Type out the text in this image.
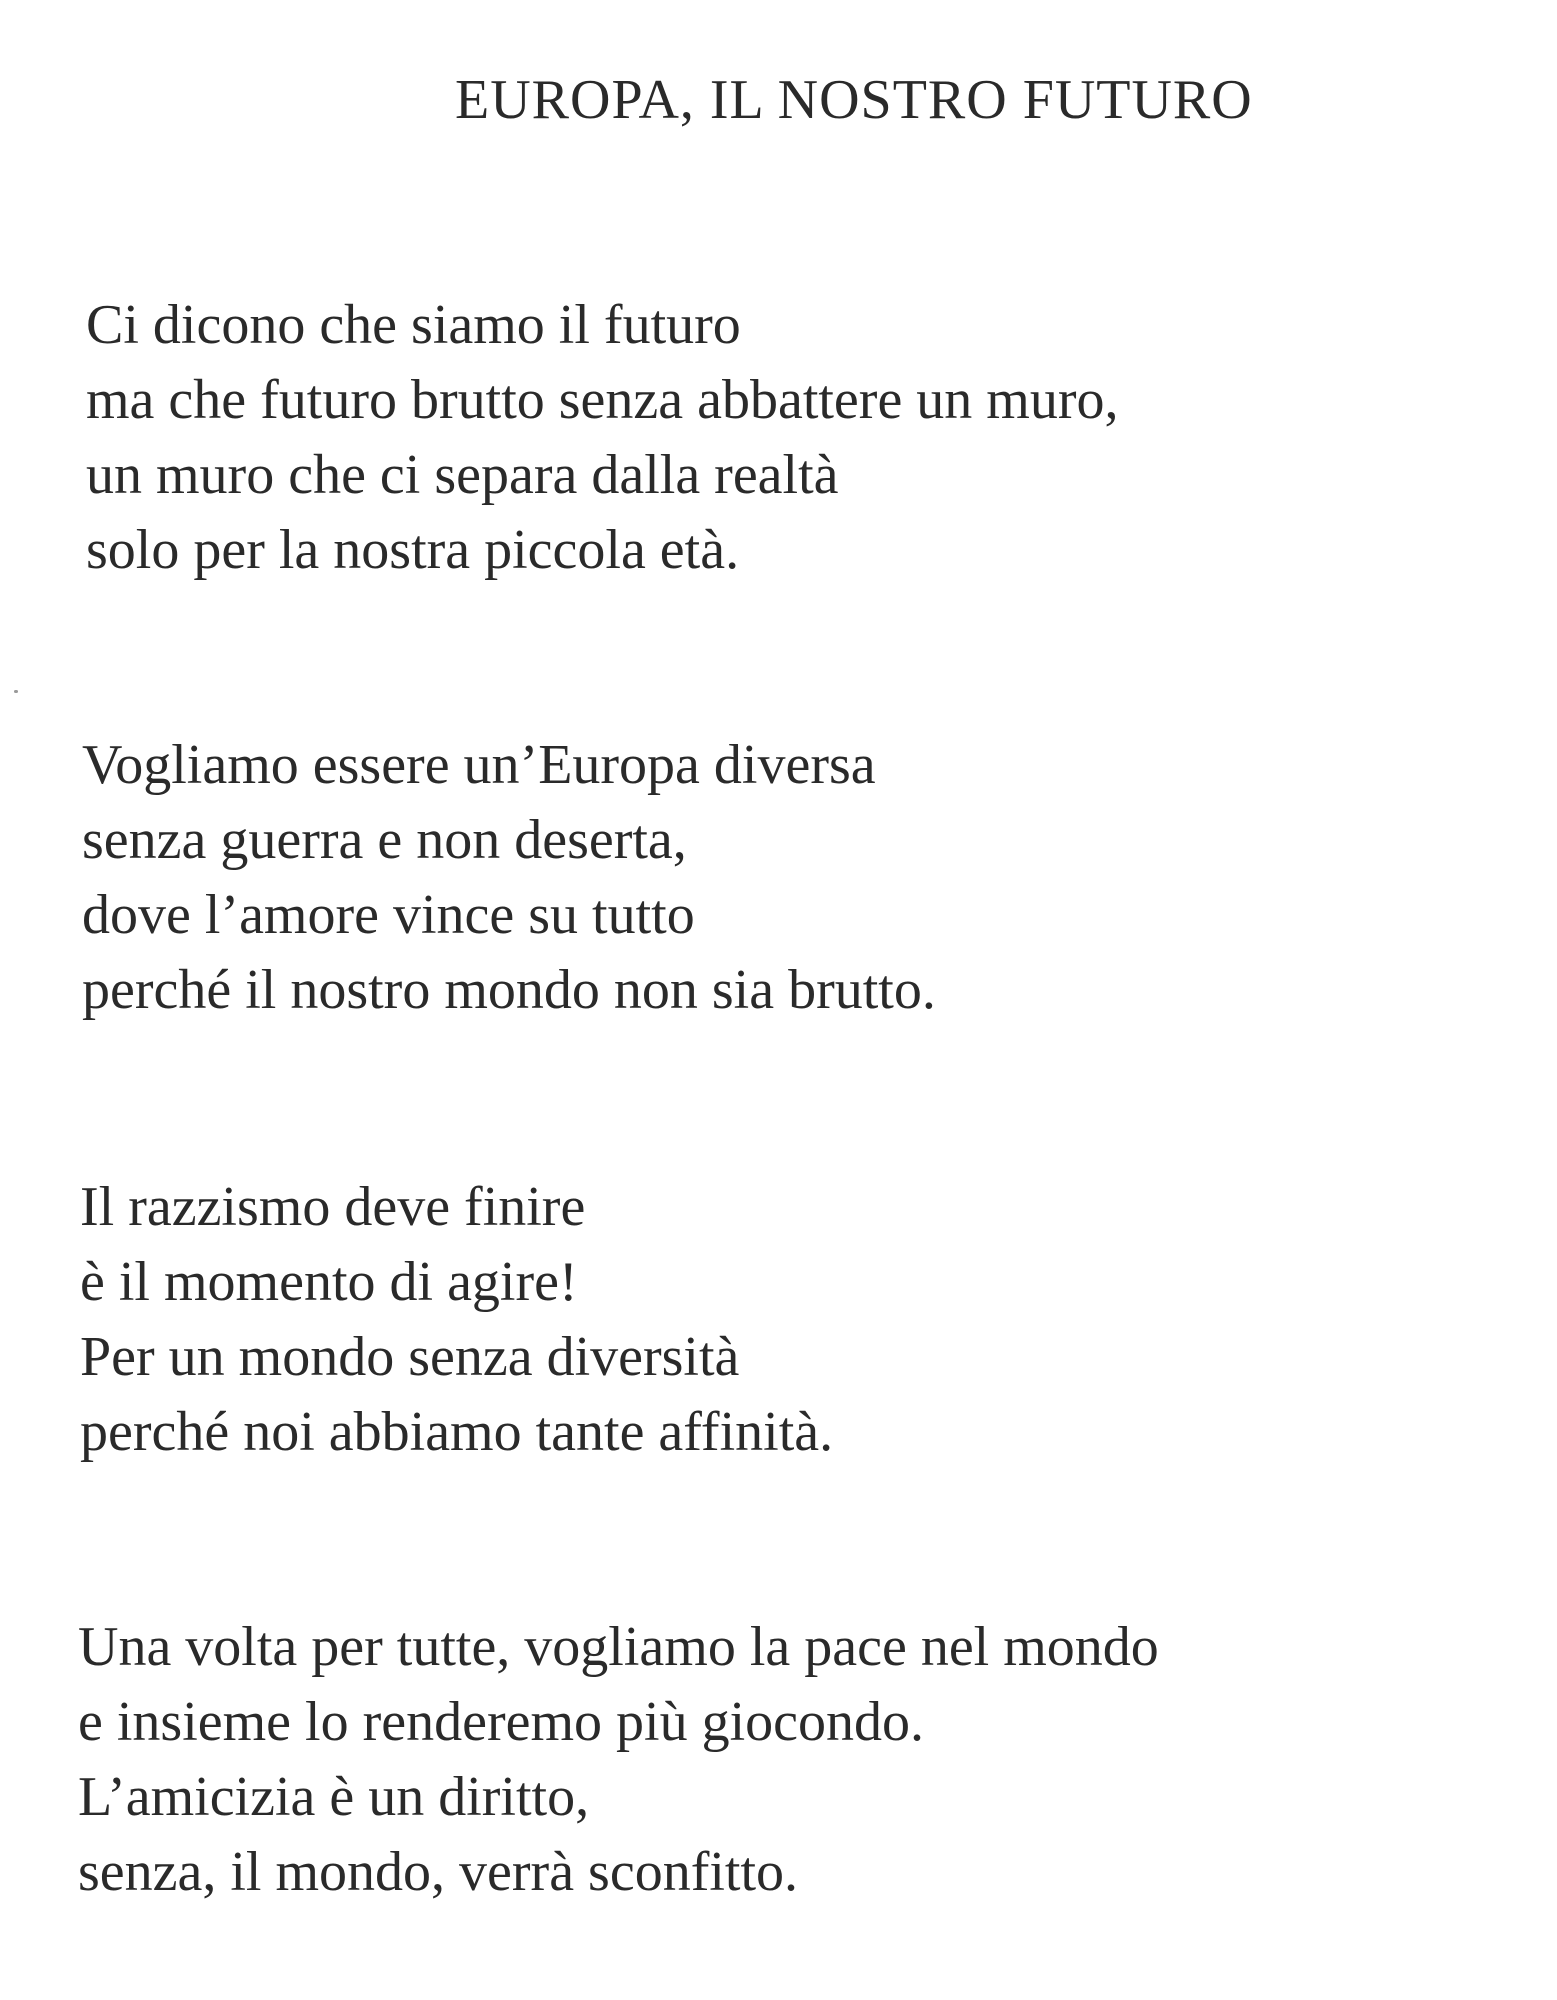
EUROPA, IL NOSTRO FUTURO
Ci dicono che siamo il futuro
ma che futuro brutto senza abbattere un muro,
un muro che ci separa dalla realtà
solo per la nostra piccola età.
Vogliamo essere un’Europa diversa
senza guerra e non deserta,
dove l’amore vince su tutto
perché il nostro mondo non sia brutto.
Il razzismo deve finire
è il momento di agire!
Per un mondo senza diversità
perché noi abbiamo tante affinità.
Una volta per tutte, vogliamo la pace nel mondo
e insieme lo renderemo più giocondo.
L’amicizia è un diritto,
senza, il mondo, verrà sconfitto.
